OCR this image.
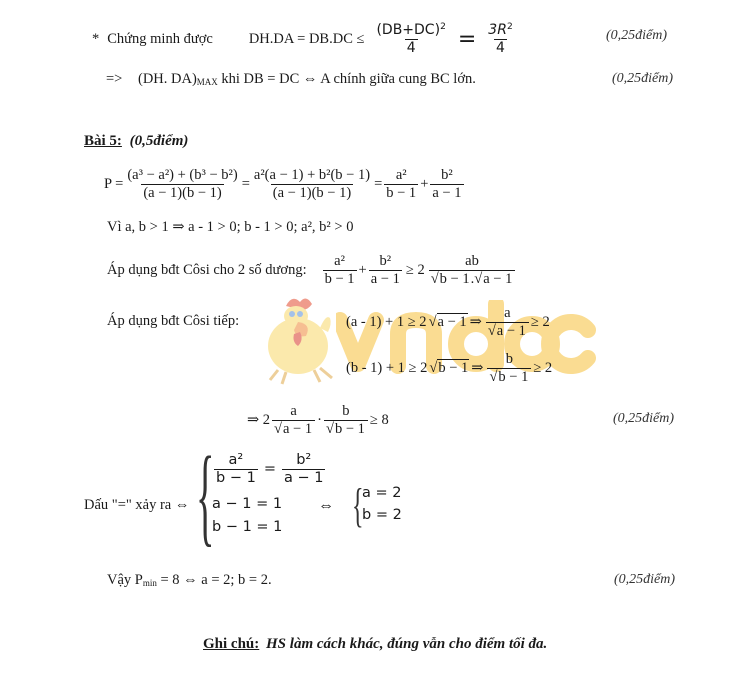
* Chứng minh được $DH.DA = DB.DC \le \frac{(DB+DC)^2}{4} = \frac{3R^2}{4}$	(0,25điểm)
=> (DH. $DA)_{MAX}$ khi DB = DC ⇔ A chính giữa cung BC lớn.	(0,25điểm)
Bài 5: (0,5điểm)
$P = \frac{\text{(a³ − a²) + (b³ − b²)}}{(a - 1)(b - 1)} = \frac{\text{a²(a − 1) + b²(b − 1)}}{(a - 1)(b - 1)} = \frac{\text{a²}}{b - 1} + \frac{\text{b²}}{a - 1}$
Vì a, b > 1 ⇒ a - 1 > 0; b - 1 > 0; a², b² > 0
Áp dụng bđt Côsi cho 2 số dương: $\frac{\text{a²}}{b - 1} + \frac{\text{b²}}{a - 1} \ge 2 \frac{ab}{√b - 1.√a - 1}$
Áp dụng bđt Côsi tiếp:	(a - 1) + 1 ≥ 2 √ a − 1 ⇒ $\frac{a}{√a - 1} \ge 2$
(b - 1) + 1 ≥ 2 √ b − 1 ⇒ $\frac{b}{√b - 1} \ge 2$
⇒ $2 \frac{a}{√a - 1} \cdot \frac{b}{√b - 1} \ge 8$	(0,25điểm)
Dấu "=" xảy ra ⇔ { $\frac{\text{a²}}{b - 1} = \frac{\text{b²}}{a - 1}$
a − 1 = 1
b − 1 = 1
⇔ {
a = 2
b = 2
Vậy $P_{min} = 8$ ⇔ a = 2; b = 2.	(0,25điểm)
Ghi chú: HS làm cách khác, đúng vẫn cho điểm tối đa.
